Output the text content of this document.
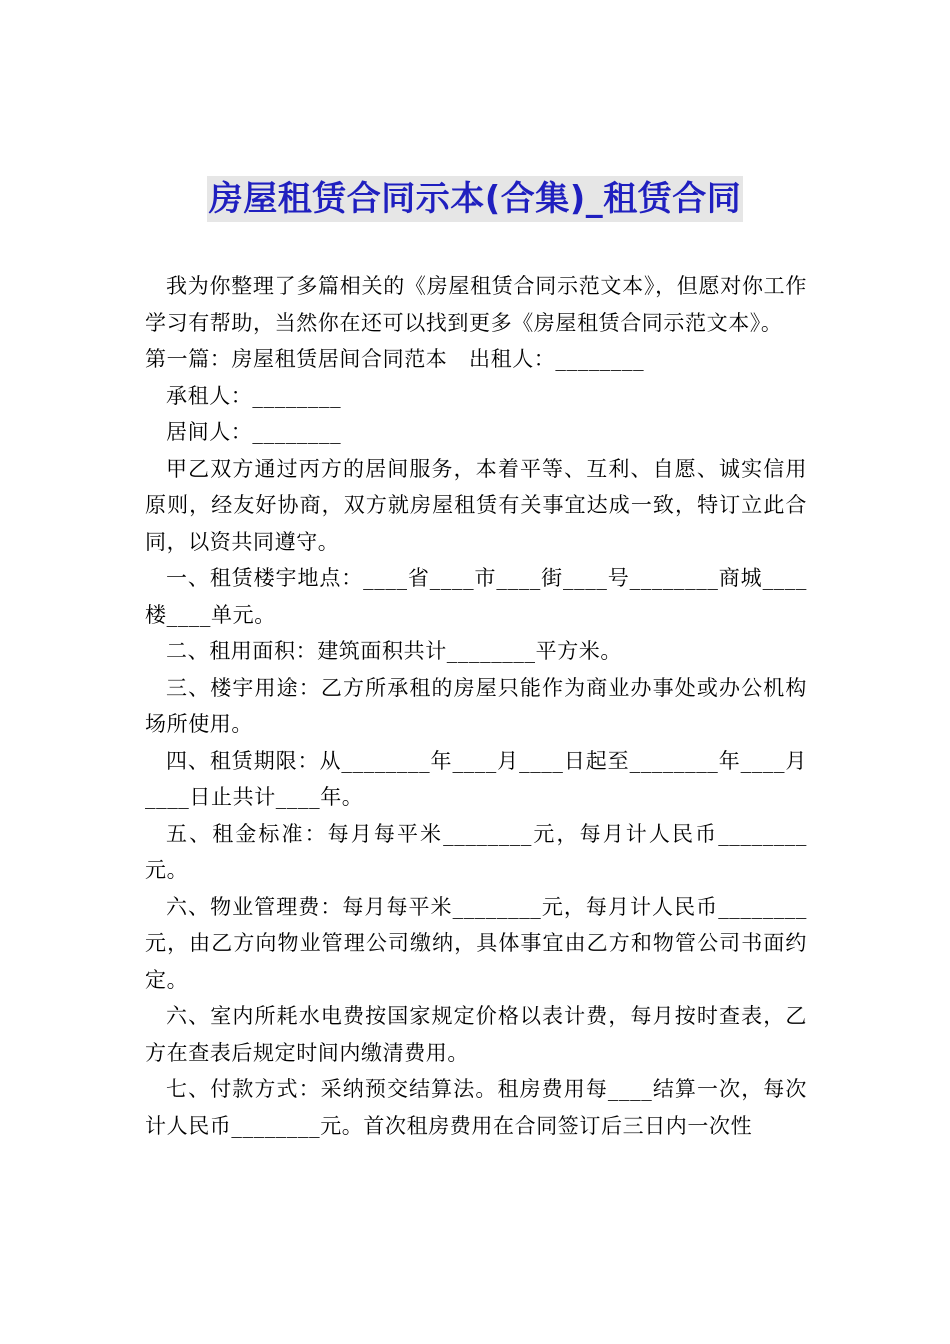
房屋租赁合同示本(合集)_租赁合同

我为你整理了多篇相关的《房屋租赁合同示范文本》，但愿对你工作学习有帮助，当然你在还可以找到更多《房屋租赁合同示范文本》。

第一篇：房屋租赁居间合同范本　出租人：________

承租人：________

居间人：________

甲乙双方通过丙方的居间服务，本着平等、互利、自愿、诚实信用原则，经友好协商，双方就房屋租赁有关事宜达成一致，特订立此合同，以资共同遵守。

一、租赁楼宇地点：____省____市____街____号________商城____楼____单元。

二、租用面积：建筑面积共计________平方米。

三、楼宇用途：乙方所承租的房屋只能作为商业办事处或办公机构场所使用。

四、租赁期限：从________年____月____日起至________年____月____日止共计____年。

五、租金标准：每月每平米________元，每月计人民币________元。

六、物业管理费：每月每平米________元，每月计人民币________元，由乙方向物业管理公司缴纳，具体事宜由乙方和物管公司书面约定。

六、室内所耗水电费按国家规定价格以表计费，每月按时查表，乙方在查表后规定时间内缴清费用。

七、付款方式：采纳预交结算法。租房费用每____结算一次，每次计人民币________元。首次租房费用在合同签订后三日内一次性
